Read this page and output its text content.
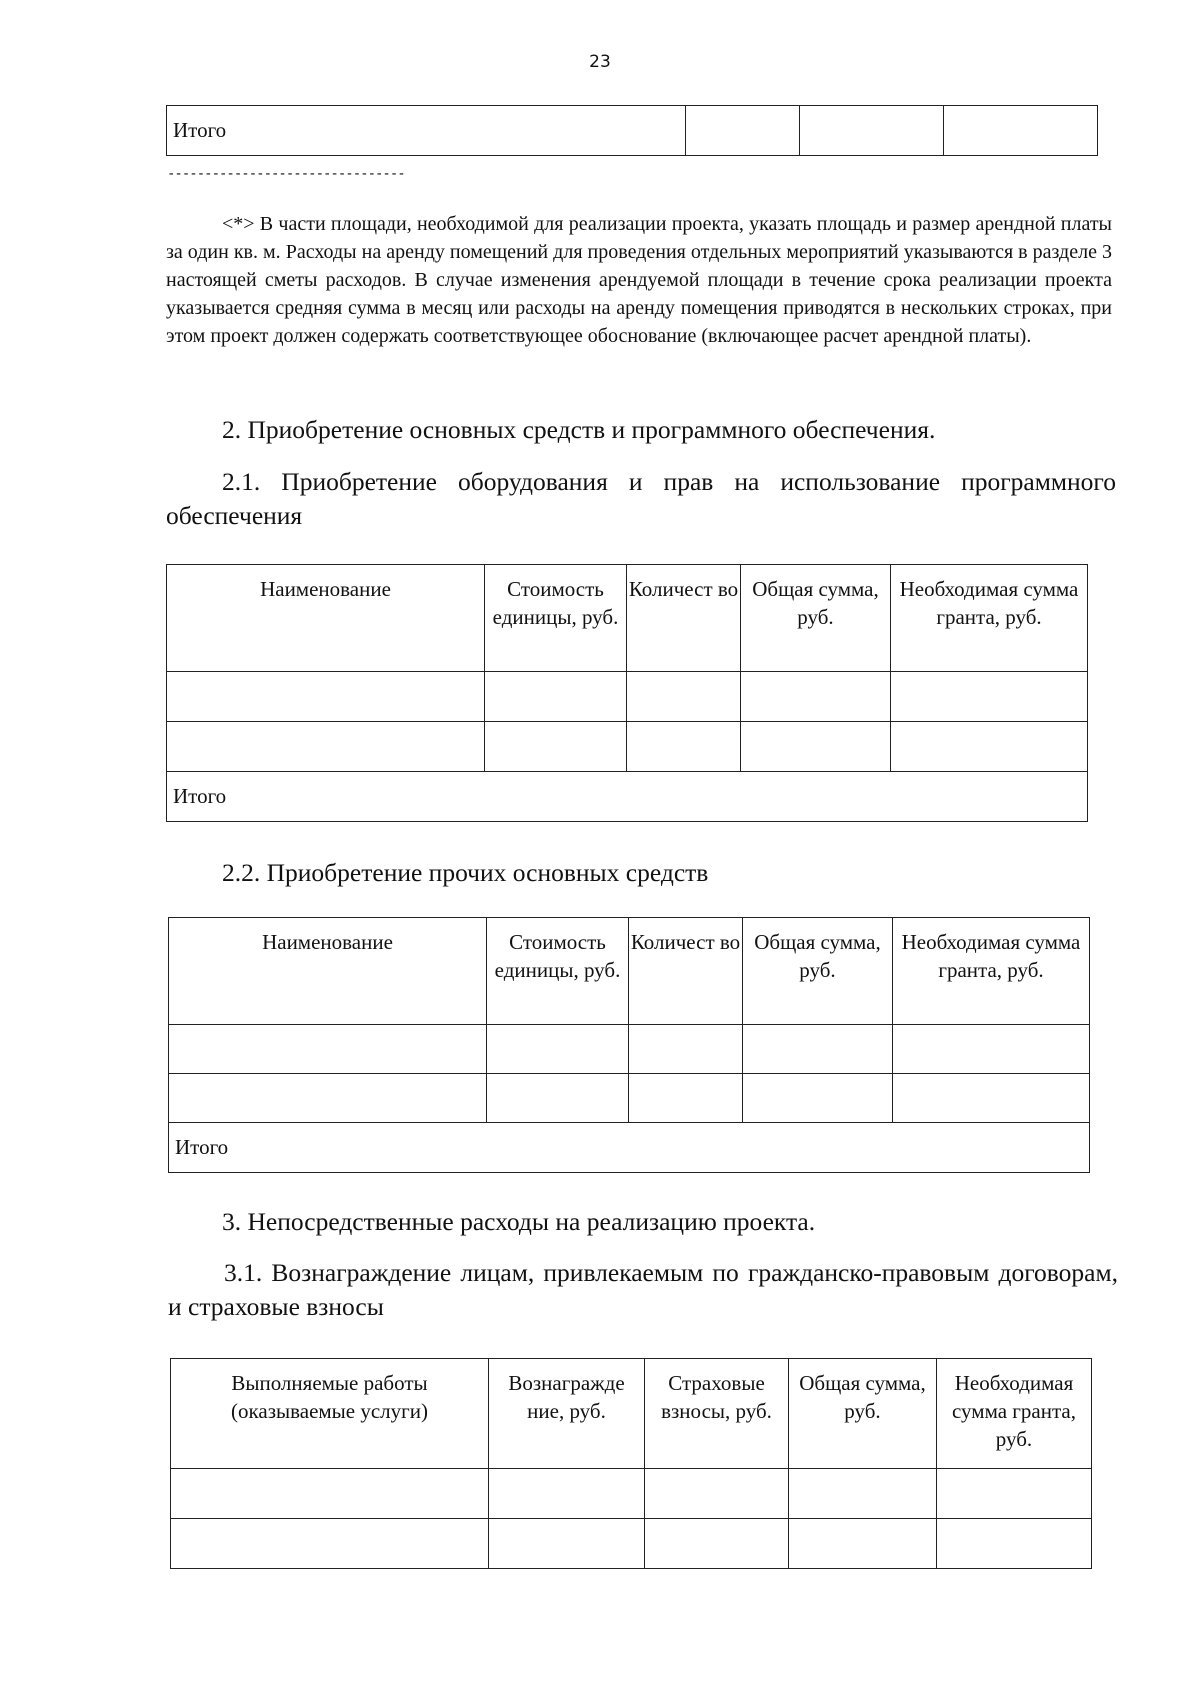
23
Итого			
--------------------------------
<*> В части площади, необходимой для реализации проекта, указать площадь и размер арендной платы за один кв. м. Расходы на аренду помещений для проведения отдельных мероприятий указываются в разделе 3 настоящей сметы расходов. В случае изменения арендуемой площади в течение срока реализации проекта указывается средняя сумма в месяц или расходы на аренду помещения приводятся в нескольких строках, при этом проект должен содержать соответствующее обоснование (включающее расчет арендной платы).
2. Приобретение основных средств и программного обеспечения.
2.1. Приобретение оборудования и прав на использование программного обеспечения
Наименование	Стоимость единицы, руб.	Количест во	Общая сумма, руб.	Необходимая сумма гранта, руб.

Итого				
2.2. Приобретение прочих основных средств
Наименование	Стоимость единицы, руб.	Количест во	Общая сумма, руб.	Необходимая сумма гранта, руб.

Итого				
3. Непосредственные расходы на реализацию проекта.
3.1. Вознаграждение лицам, привлекаемым по гражданско-правовым договорам, и страховые взносы
Выполняемые работы (оказываемые услуги)	Вознагражде ние, руб.	Страховые взносы, руб.	Общая сумма, руб.	Необходимая сумма гранта, руб.
